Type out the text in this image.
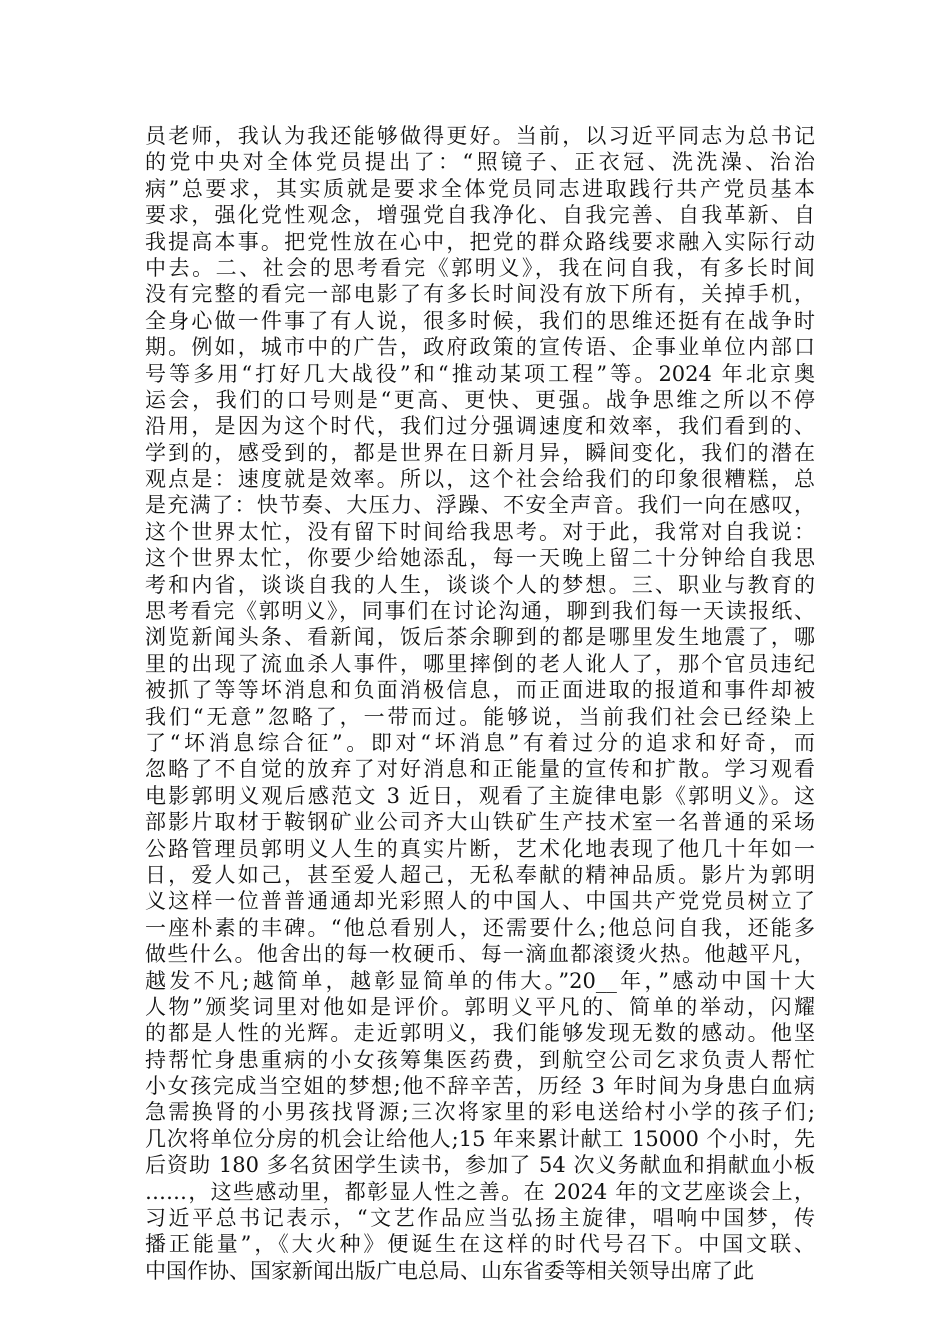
员老师，我认为我还能够做得更好。当前，以习近平同志为总书记
的党中央对全体党员提出了：“照镜子、正衣冠、洗洗澡、治治
病”总要求，其实质就是要求全体党员同志进取践行共产党员基本
要求，强化党性观念，增强党自我净化、自我完善、自我革新、自
我提高本事。把党性放在心中，把党的群众路线要求融入实际行动
中去。二、社会的思考看完《郭明义》，我在问自我，有多长时间
没有完整的看完一部电影了有多长时间没有放下所有，关掉手机，
全身心做一件事了有人说，很多时候，我们的思维还挺有在战争时
期。例如，城市中的广告，政府政策的宣传语、企事业单位内部口
号等多用“打好几大战役”和“推动某项工程”等。2024 年北京奥
运会，我们的口号则是“更高、更快、更强。战争思维之所以不停
沿用，是因为这个时代，我们过分强调速度和效率，我们看到的、
学到的，感受到的，都是世界在日新月异，瞬间变化，我们的潜在
观点是：速度就是效率。所以，这个社会给我们的印象很糟糕，总
是充满了：快节奏、大压力、浮躁、不安全声音。我们一向在感叹，
这个世界太忙，没有留下时间给我思考。对于此，我常对自我说：
这个世界太忙，你要少给她添乱，每一天晚上留二十分钟给自我思
考和内省，谈谈自我的人生，谈谈个人的梦想。三、职业与教育的
思考看完《郭明义》，同事们在讨论沟通，聊到我们每一天读报纸、
浏览新闻头条、看新闻，饭后茶余聊到的都是哪里发生地震了，哪
里的出现了流血杀人事件，哪里摔倒的老人讹人了，那个官员违纪
被抓了等等坏消息和负面消极信息，而正面进取的报道和事件却被
我们“无意”忽略了，一带而过。能够说，当前我们社会已经染上
了“坏消息综合征”。即对“坏消息”有着过分的追求和好奇，而
忽略了不自觉的放弃了对好消息和正能量的宣传和扩散。学习观看
电影郭明义观后感范文 3 近日，观看了主旋律电影《郭明义》。这
部影片取材于鞍钢矿业公司齐大山铁矿生产技术室一名普通的采场
公路管理员郭明义人生的真实片断，艺术化地表现了他几十年如一
日，爱人如己，甚至爱人超己，无私奉献的精神品质。影片为郭明
义这样一位普普通通却光彩照人的中国人、中国共产党党员树立了
一座朴素的丰碑。“他总看别人，还需要什么;他总问自我，还能多
做些什么。他舍出的每一枚硬币、每一滴血都滚烫火热。他越平凡，
越发不凡;越简单，越彰显简单的伟大。”20__年，”感动中国十大
人物”颁奖词里对他如是评价。郭明义平凡的、简单的举动，闪耀
的都是人性的光辉。走近郭明义，我们能够发现无数的感动。他坚
持帮忙身患重病的小女孩筹集医药费，到航空公司乞求负责人帮忙
小女孩完成当空姐的梦想;他不辞辛苦，历经 3 年时间为身患白血病
急需换肾的小男孩找肾源;三次将家里的彩电送给村小学的孩子们;
几次将单位分房的机会让给他人;15 年来累计献工 15000 个小时，先
后资助 180 多名贫困学生读书，参加了 54 次义务献血和捐献血小板
……，这些感动里，都彰显人性之善。在 2024 年的文艺座谈会上，
习近平总书记表示，“文艺作品应当弘扬主旋律，唱响中国梦，传
播正能量”，《大火种》便诞生在这样的时代号召下。中国文联、
中国作协、国家新闻出版广电总局、山东省委等相关领导出席了此
